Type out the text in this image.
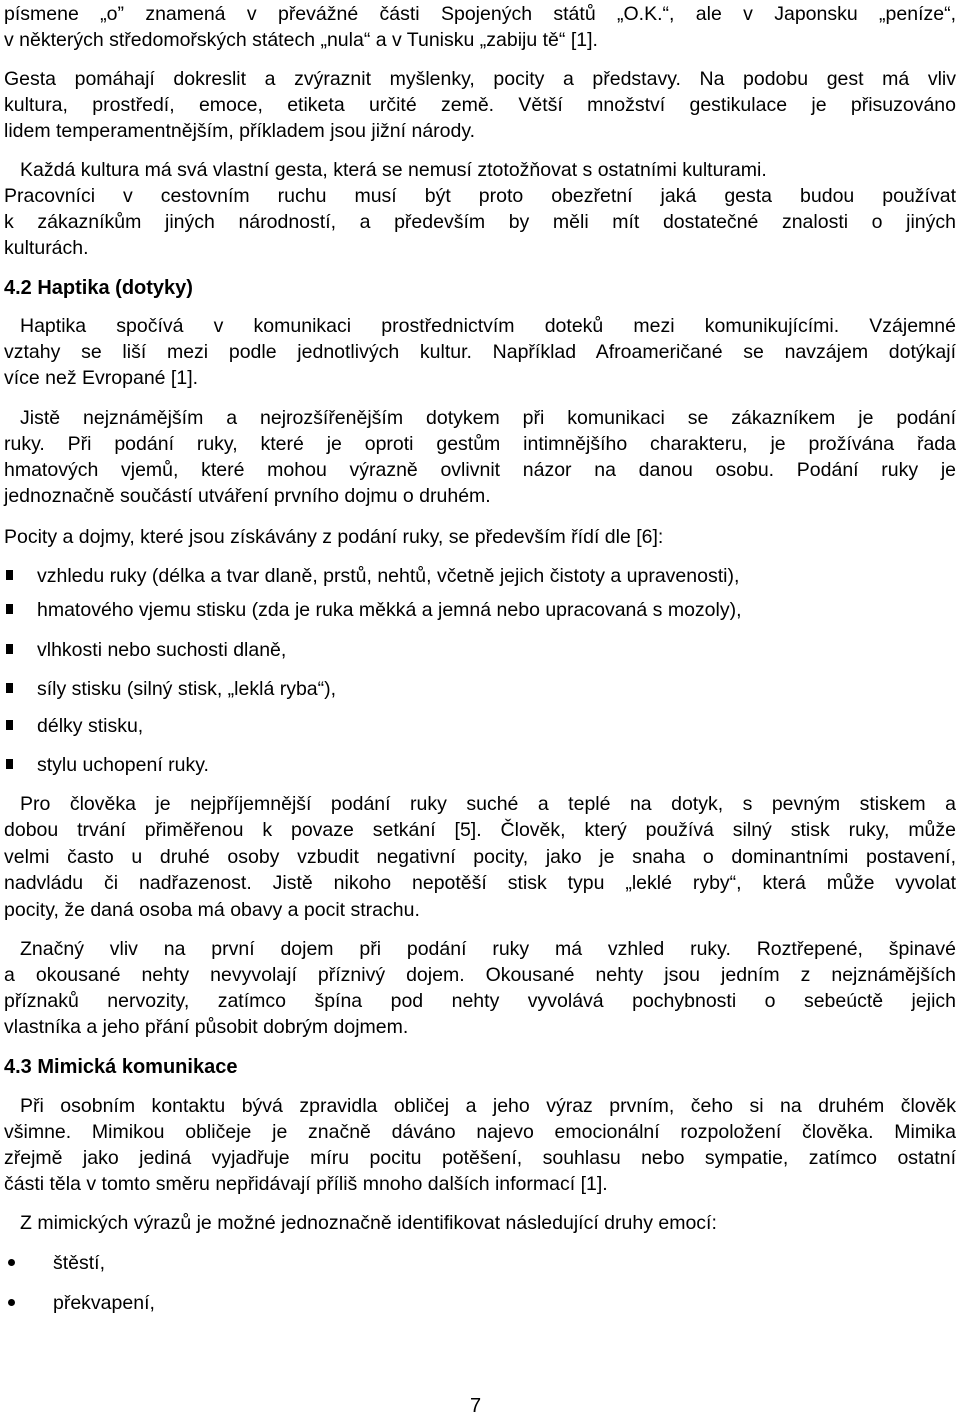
písmene „o” znamená v převážné části Spojených států „O.K.“, ale v Japonsku „peníze“,

v některých středomořských státech „nula“ a v Tunisku „zabiju tě“ [1].

Gesta pomáhají dokreslit a zvýraznit myšlenky, pocity a představy. Na podobu gest má vliv

kultura, prostředí, emoce, etiketa určité země. Větší množství gestikulace je přisuzováno

lidem temperamentnějším, příkladem jsou jižní národy.

Každá kultura má svá vlastní gesta, která se nemusí ztotožňovat s ostatními kulturami.

Pracovníci v cestovním ruchu musí být proto obezřetní jaká gesta budou používat

k zákazníkům jiných národností, a především by měli mít dostatečné znalosti o jiných

kulturách.

4.2 Haptika (dotyky)

Haptika spočívá v komunikaci prostřednictvím doteků mezi komunikujícími. Vzájemné

vztahy se liší mezi podle jednotlivých kultur. Například Afroameričané se navzájem dotýkají

více než Evropané [1].

Jistě nejznámějším a nejrozšířenějším dotykem při komunikaci se zákazníkem je podání

ruky. Při podání ruky, které je oproti gestům intimnějšího charakteru, je prožívána řada

hmatových vjemů, které mohou výrazně ovlivnit názor na danou osobu. Podání ruky je

jednoznačně součástí utváření prvního dojmu o druhém.

Pocity a dojmy, které jsou získávány z podání ruky, se především řídí dle [6]:

vzhledu ruky (délka a tvar dlaně, prstů, nehtů, včetně jejich čistoty a upravenosti),

hmatového vjemu stisku (zda je ruka měkká a jemná nebo upracovaná s mozoly),

vlhkosti nebo suchosti dlaně,

síly stisku (silný stisk, „leklá ryba“),

délky stisku,

stylu uchopení ruky.

Pro člověka je nejpříjemnější podání ruky suché a teplé na dotyk, s pevným stiskem a

dobou trvání přiměřenou k povaze setkání [5]. Člověk, který používá silný stisk ruky, může

velmi často u druhé osoby vzbudit negativní pocity, jako je snaha o dominantními postavení,

nadvládu či nadřazenost. Jistě nikoho nepotěší stisk typu „leklé ryby“, která může vyvolat

pocity, že daná osoba má obavy a pocit strachu.

Značný vliv na první dojem při podání ruky má vzhled ruky. Roztřepené, špinavé

a okousané nehty nevyvolají příznivý dojem. Okousané nehty jsou jedním z nejznámějších

příznaků nervozity, zatímco špína pod nehty vyvolává pochybnosti o sebeúctě jejich

vlastníka a jeho přání působit dobrým dojmem.

4.3 Mimická komunikace

Při osobním kontaktu bývá zpravidla obličej a jeho výraz prvním, čeho si na druhém člověk

všimne. Mimikou obličeje je značně dáváno najevo emocionální rozpoložení člověka. Mimika

zřejmě jako jediná vyjadřuje míru pocitu potěšení, souhlasu nebo sympatie, zatímco ostatní

části těla v tomto směru nepřidávají příliš mnoho dalších informací [1].

Z mimických výrazů je možné jednoznačně identifikovat následující druhy emocí:

štěstí,

překvapení,

7
